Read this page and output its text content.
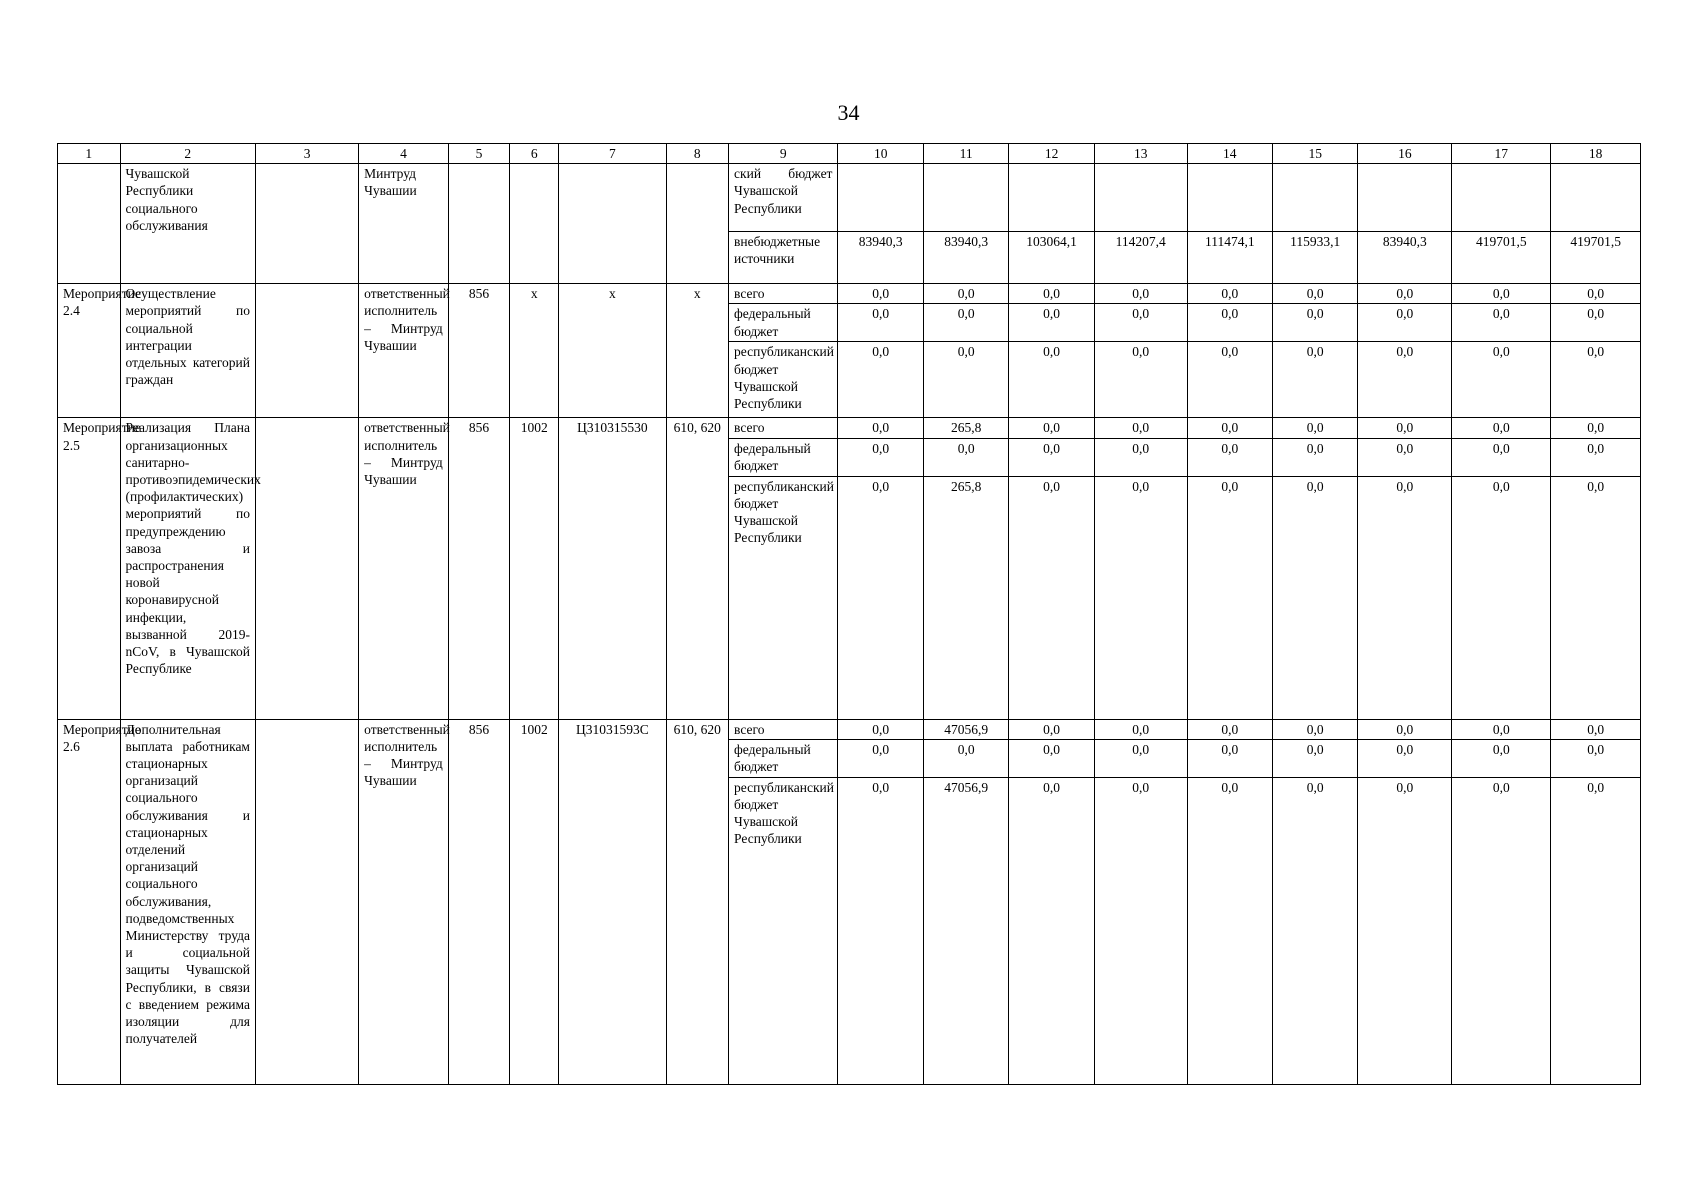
34
1	2	3	4	5	6	7	8	9	10	11	12	13	14	15	16	17	18
	Чувашской Республики социального обслуживания		Минтруд Чувашии					ский бюджет Чувашской Республики									
								внебюджетные источники	83940,3	83940,3	103064,1	114207,4	111474,1	115933,1	83940,3	419701,5	419701,5
Мероприятие 2.4	Осуществление мероприятий по социальной интеграции отдельных категорий граждан		ответственный исполнитель – Минтруд Чувашии	856	x	x	x	всего	0,0	0,0	0,0	0,0	0,0	0,0	0,0	0,0	0,0
								федеральный бюджет	0,0	0,0	0,0	0,0	0,0	0,0	0,0	0,0	0,0
								республиканский бюджет Чувашской Республики	0,0	0,0	0,0	0,0	0,0	0,0	0,0	0,0	0,0
Мероприятие 2.5	Реализация Плана организационных санитарно-противоэпидемических (профилактических) мероприятий по предупреждению завоза и распространения новой коронавирусной инфекции, вызванной 2019-nCoV, в Чувашской Республике		ответственный исполнитель – Минтруд Чувашии	856	1002	Ц310315530	610, 620	всего	0,0	265,8	0,0	0,0	0,0	0,0	0,0	0,0	0,0
								федеральный бюджет	0,0	0,0	0,0	0,0	0,0	0,0	0,0	0,0	0,0
								республиканский бюджет Чувашской Республики	0,0	265,8	0,0	0,0	0,0	0,0	0,0	0,0	0,0
Мероприятие 2.6	Дополнительная выплата работникам стационарных организаций социального обслуживания и стационарных отделений организаций социального обслуживания, подведомственных Министерству труда и социальной защиты Чувашской Республики, в связи с введением режима изоляции для получателей		ответственный исполнитель – Минтруд Чувашии	856	1002	Ц31031593С	610, 620	всего	0,0	47056,9	0,0	0,0	0,0	0,0	0,0	0,0	0,0
								федеральный бюджет	0,0	0,0	0,0	0,0	0,0	0,0	0,0	0,0	0,0
								республиканский бюджет Чувашской Республики	0,0	47056,9	0,0	0,0	0,0	0,0	0,0	0,0	0,0
